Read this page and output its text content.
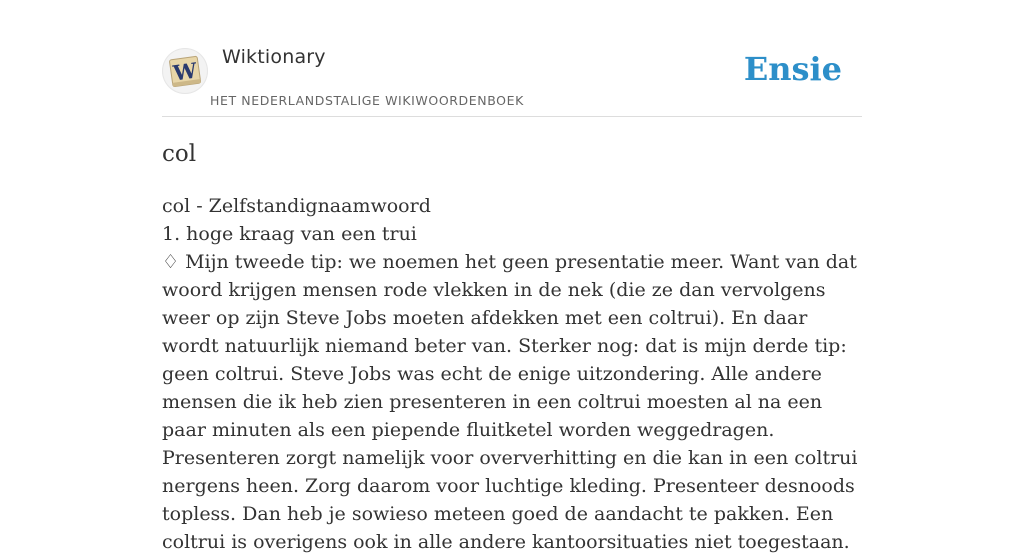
W
Wiktionary
HET NEDERLANDSTALIGE WIKIWOORDENBOEK
Ensie
col
col - Zelfstandignaamwoord
1. hoge kraag van een trui
♢ Mijn tweede tip: we noemen het geen presentatie meer. Want van dat woord krijgen mensen rode vlekken in de nek (die ze dan vervolgens weer op zijn Steve Jobs moeten afdekken met een coltrui). En daar wordt natuurlijk niemand beter van. Sterker nog: dat is mijn derde tip: geen coltrui. Steve Jobs was echt de enige uitzondering. Alle andere mensen die ik heb zien presenteren in een coltrui moesten al na een paar minuten als een piepende fluitketel worden weggedragen. Presenteren zorgt namelijk voor oververhitting en die kan in een coltrui nergens heen. Zorg daarom voor luchtige kleding. Presenteer desnoods topless. Dan heb je sowieso meteen goed de aandacht te pakken. Een coltrui is overigens ook in alle andere kantoorsituaties niet toegestaan.
